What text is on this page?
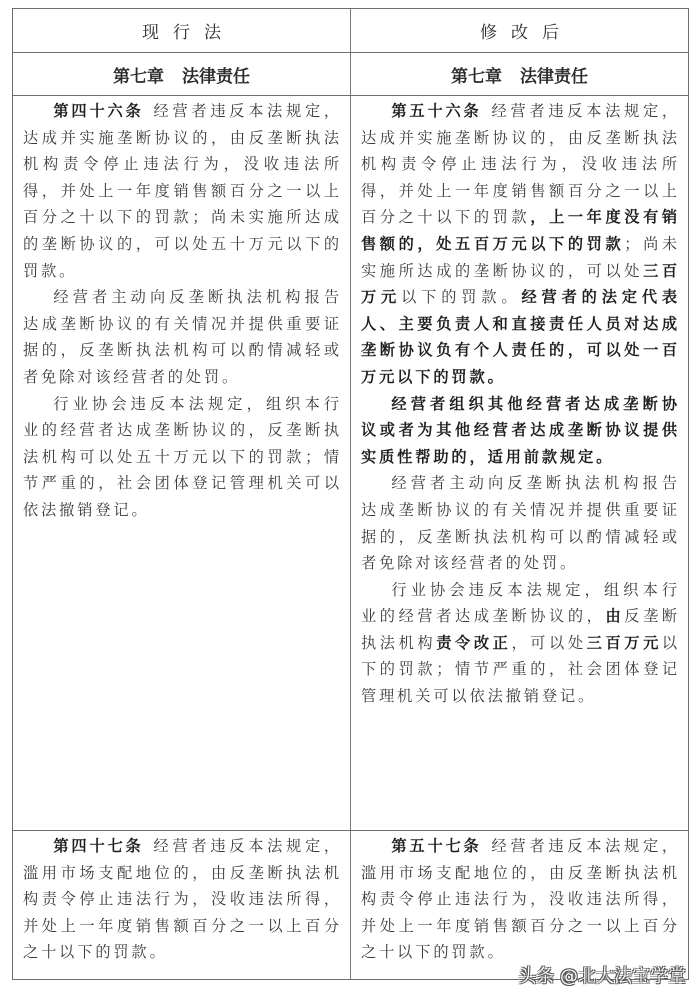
现行法	修改后
第七章 法律责任	第七章 法律责任

第四十六条 经营者违反本法规定，达成并实施垄断协议的，由反垄断执法机构责令停止违法行为，没收违法所得，并处上一年度销售额百分之一以上百分之十以下的罚款；尚未实施所达成的垄断协议的，可以处五十万元以下的罚款。

经营者主动向反垄断执法机构报告达成垄断协议的有关情况并提供重要证据的，反垄断执法机构可以酌情减轻或者免除对该经营者的处罚。

行业协会违反本法规定，组织本行业的经营者达成垄断协议的，反垄断执法机构可以处五十万元以下的罚款；情节严重的，社会团体登记管理机关可以依法撤销登记。

第五十六条 经营者违反本法规定，达成并实施垄断协议的，由反垄断执法机构责令停止违法行为，没收违法所得，并处上一年度销售额百分之一以上百分之十以下的罚款，上一年度没有销售额的，处五百万元以下的罚款；尚未实施所达成的垄断协议的，可以处三百万元以下的罚款。经营者的法定代表人、主要负责人和直接责任人员对达成垄断协议负有个人责任的，可以处一百万元以下的罚款。

经营者组织其他经营者达成垄断协议或者为其他经营者达成垄断协议提供实质性帮助的，适用前款规定。

经营者主动向反垄断执法机构报告达成垄断协议的有关情况并提供重要证据的，反垄断执法机构可以酌情减轻或者免除对该经营者的处罚。

行业协会违反本法规定，组织本行业的经营者达成垄断协议的，由反垄断执法机构责令改正，可以处三百万元以下的罚款；情节严重的，社会团体登记管理机关可以依法撤销登记。

第四十七条 经营者违反本法规定，滥用市场支配地位的，由反垄断执法机构责令停止违法行为，没收违法所得，并处上一年度销售额百分之一以上百分之十以下的罚款。

第五十七条 经营者违反本法规定，滥用市场支配地位的，由反垄断执法机构责令停止违法行为，没收违法所得，并处上一年度销售额百分之一以上百分之十以下的罚款。

头条 @北大法宝学堂
